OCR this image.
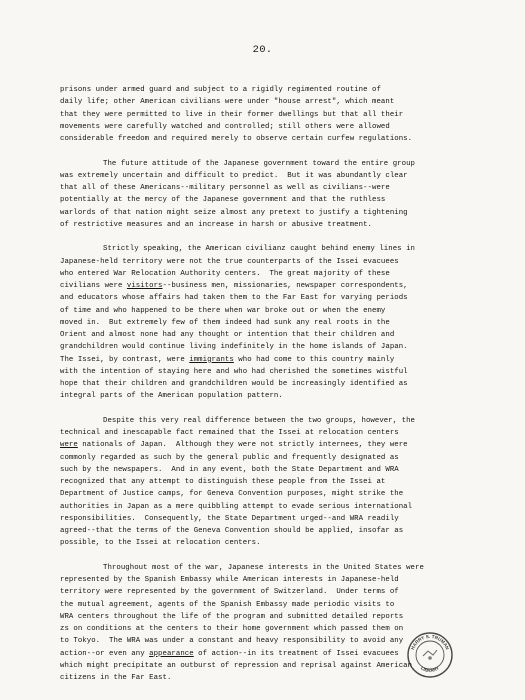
20.
prisons under armed guard and subject to a rigidly regimented routine of
daily life; other American civilians were under "house arrest", which meant
that they were permitted to live in their former dwellings but that all their
movements were carefully watched and controlled; still others were allowed
considerable freedom and required merely to observe certain curfew regulations.
The future attitude of the Japanese government toward the entire group
was extremely uncertain and difficult to predict.  But it was abundantly clear
that all of these Americans--military personnel as well as civilians--were
potentially at the mercy of the Japanese government and that the ruthless
warlords of that nation might seize almost any pretext to justify a tightening
of restrictive measures and an increase in harsh or abusive treatment.
Strictly speaking, the American civilianz caught behind enemy lines in
Japanese-held territory were not the true counterparts of the Issei evacuees
who entered War Relocation Authority centers.  The great majority of these
civilians were visitors--business men, missionaries, newspaper correspondents,
and educators whose affairs had taken them to the Far East for varying periods
of time and who happened to be there when war broke out or when the enemy
moved in.  But extremely few of them indeed had sunk any real roots in the
Orient and almost none had any thought or intention that their children and
grandchildren would continue living indefinitely in the home islands of Japan.
The Issei, by contrast, were immigrants who had come to this country mainly
with the intention of staying here and who had cherished the sometimes wistful
hope that their children and grandchildren would be increasingly identified as
integral parts of the American population pattern.
Despite this very real difference between the two groups, however, the
technical and inescapable fact remained that the Issei at relocation centers
were nationals of Japan.  Although they were not strictly internees, they were
commonly regarded as such by the general public and frequently designated as
such by the newspapers.  And in any event, both the State Department and WRA
recognized that any attempt to distinguish these people from the Issei at
Department of Justice camps, for Geneva Convention purposes, might strike the
authorities in Japan as a mere quibbling attempt to evade serious international
responsibilities.  Consequently, the State Department urged--and WRA readily
agreed--that the terms of the Geneva Convention should be applied, insofar as
possible, to the Issei at relocation centers.
Throughout most of the war, Japanese interests in the United States were
represented by the Spanish Embassy while American interests in Japanese-held
territory were represented by the government of Switzerland.  Under terms of
the mutual agreement, agents of the Spanish Embassy made periodic visits to
WRA centers throughout the life of the program and submitted detailed reports
zs on conditions at the centers to their home government which passed them on
to Tokyo.  The WRA was under a constant and heavy responsibility to avoid any
action--or even any appearance of action--in its treatment of Issei evacuees
which might precipitate an outburst of repression and reprisal against American
citizens in the Far East.
HARRY S. TRUMAN
LIBRARY
